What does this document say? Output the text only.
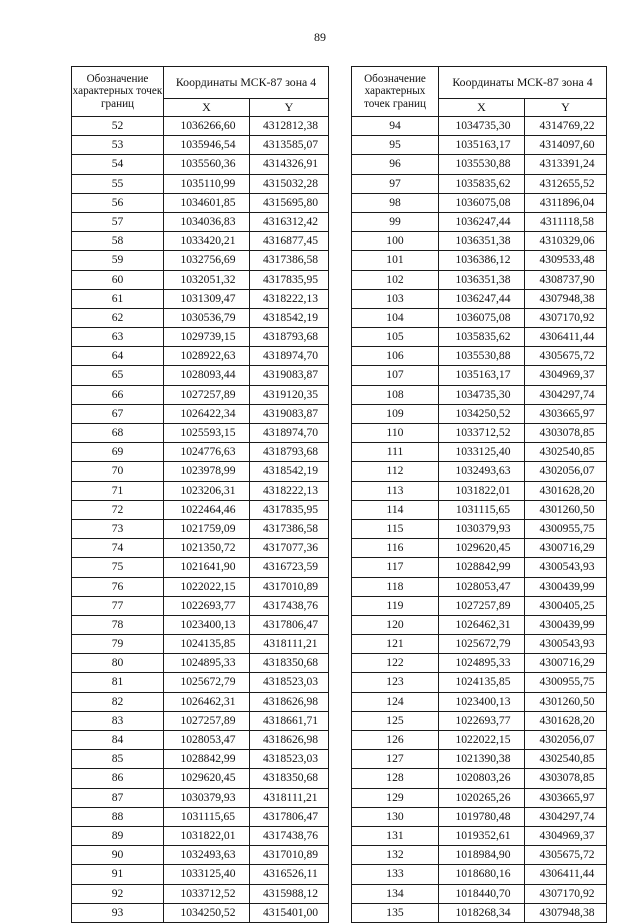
89
Обозначение характерных точек границ	Координаты МСК-87 зона 4	
	X	Y
52	1036266,60	4312812,38
53	1035946,54	4313585,07
54	1035560,36	4314326,91
55	1035110,99	4315032,28
56	1034601,85	4315695,80
57	1034036,83	4316312,42
58	1033420,21	4316877,45
59	1032756,69	4317386,58
60	1032051,32	4317835,95
61	1031309,47	4318222,13
62	1030536,79	4318542,19
63	1029739,15	4318793,68
64	1028922,63	4318974,70
65	1028093,44	4319083,87
66	1027257,89	4319120,35
67	1026422,34	4319083,87
68	1025593,15	4318974,70
69	1024776,63	4318793,68
70	1023978,99	4318542,19
71	1023206,31	4318222,13
72	1022464,46	4317835,95
73	1021759,09	4317386,58
74	1021350,72	4317077,36
75	1021641,90	4316723,59
76	1022022,15	4317010,89
77	1022693,77	4317438,76
78	1023400,13	4317806,47
79	1024135,85	4318111,21
80	1024895,33	4318350,68
81	1025672,79	4318523,03
82	1026462,31	4318626,98
83	1027257,89	4318661,71
84	1028053,47	4318626,98
85	1028842,99	4318523,03
86	1029620,45	4318350,68
87	1030379,93	4318111,21
88	1031115,65	4317806,47
89	1031822,01	4317438,76
90	1032493,63	4317010,89
91	1033125,40	4316526,11
92	1033712,52	4315988,12
93	1034250,52	4315401,00
Обозначение характерных точек границ	Координаты МСК-87 зона 4	
	X	Y
94	1034735,30	4314769,22
95	1035163,17	4314097,60
96	1035530,88	4313391,24
97	1035835,62	4312655,52
98	1036075,08	4311896,04
99	1036247,44	4311118,58
100	1036351,38	4310329,06
101	1036386,12	4309533,48
102	1036351,38	4308737,90
103	1036247,44	4307948,38
104	1036075,08	4307170,92
105	1035835,62	4306411,44
106	1035530,88	4305675,72
107	1035163,17	4304969,37
108	1034735,30	4304297,74
109	1034250,52	4303665,97
110	1033712,52	4303078,85
111	1033125,40	4302540,85
112	1032493,63	4302056,07
113	1031822,01	4301628,20
114	1031115,65	4301260,50
115	1030379,93	4300955,75
116	1029620,45	4300716,29
117	1028842,99	4300543,93
118	1028053,47	4300439,99
119	1027257,89	4300405,25
120	1026462,31	4300439,99
121	1025672,79	4300543,93
122	1024895,33	4300716,29
123	1024135,85	4300955,75
124	1023400,13	4301260,50
125	1022693,77	4301628,20
126	1022022,15	4302056,07
127	1021390,38	4302540,85
128	1020803,26	4303078,85
129	1020265,26	4303665,97
130	1019780,48	4304297,74
131	1019352,61	4304969,37
132	1018984,90	4305675,72
133	1018680,16	4306411,44
134	1018440,70	4307170,92
135	1018268,34	4307948,38
